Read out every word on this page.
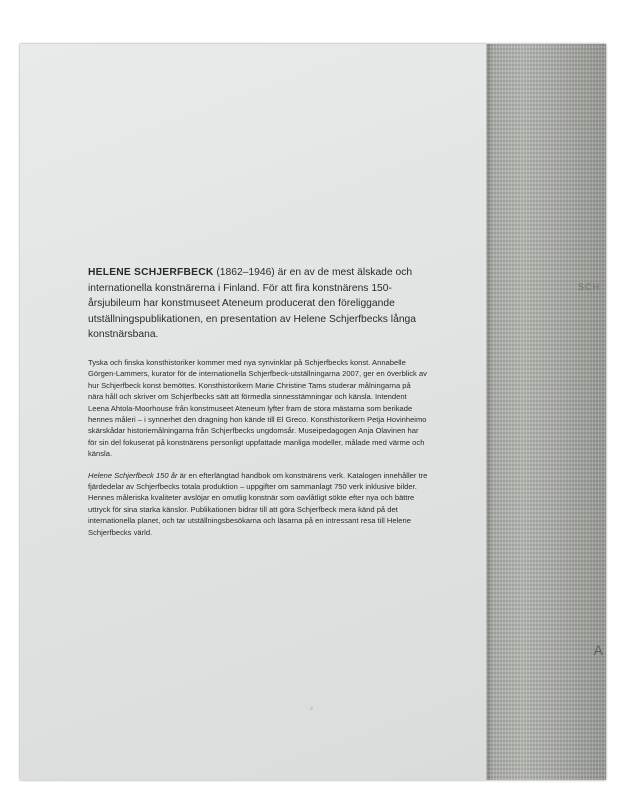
HELENE SCHJERFBECK (1862–1946) är en av de mest älskade och internationella konstnärerna i Finland. För att fira konstnärens 150-årsjubileum har konstmuseet Ateneum producerat den föreliggande utställningspublikationen, en presentation av Helene Schjerfbecks långa konstnärsbana.

Tyska och finska konsthistoriker kommer med nya synvinklar på Schjerfbecks konst. Annabelle Görgen-Lammers, kurator för de internationella Schjerfbeck-utställningarna 2007, ger en överblick av hur Schjerfbeck konst bemöttes. Konsthistorikern Marie Christine Tams studerar målningarna på nära håll och skriver om Schjerfbecks sätt att förmedla sinnesstämningar och känsla. Intendent Leena Ahtola-Moorhouse från konstmuseet Ateneum lyfter fram de stora mästarna som berikade hennes måleri – i synnerhet den dragning hon kände till El Greco. Konsthistorikern Petja Hovinheimo skärskådar historiemålningarna från Schjerfbecks ungdomsår. Museipedagogen Anja Olavinen har för sin del fokuserat på konstnärens personligt uppfattade manliga modeller, målade med värme och känsla.

Helene Schjerfbeck 150 år är en efterlängtad handbok om konstnärens verk. Katalogen innehåller tre fjärdedelar av Schjerfbecks totala produktion – uppgifter om sammanlagt 750 verk inklusive bilder. Hennes måleriska kvaliteter avslöjar en omutlig konstnär som oavlåtligt sökte efter nya och bättre uttryck för sina starka känslor. Publikationen bidrar till att göra Schjerfbeck mera känd på det internationella planet, och tar utställningsbesökarna och läsarna på en intressant resa till Helene Schjerfbecks värld.

SCH
A
